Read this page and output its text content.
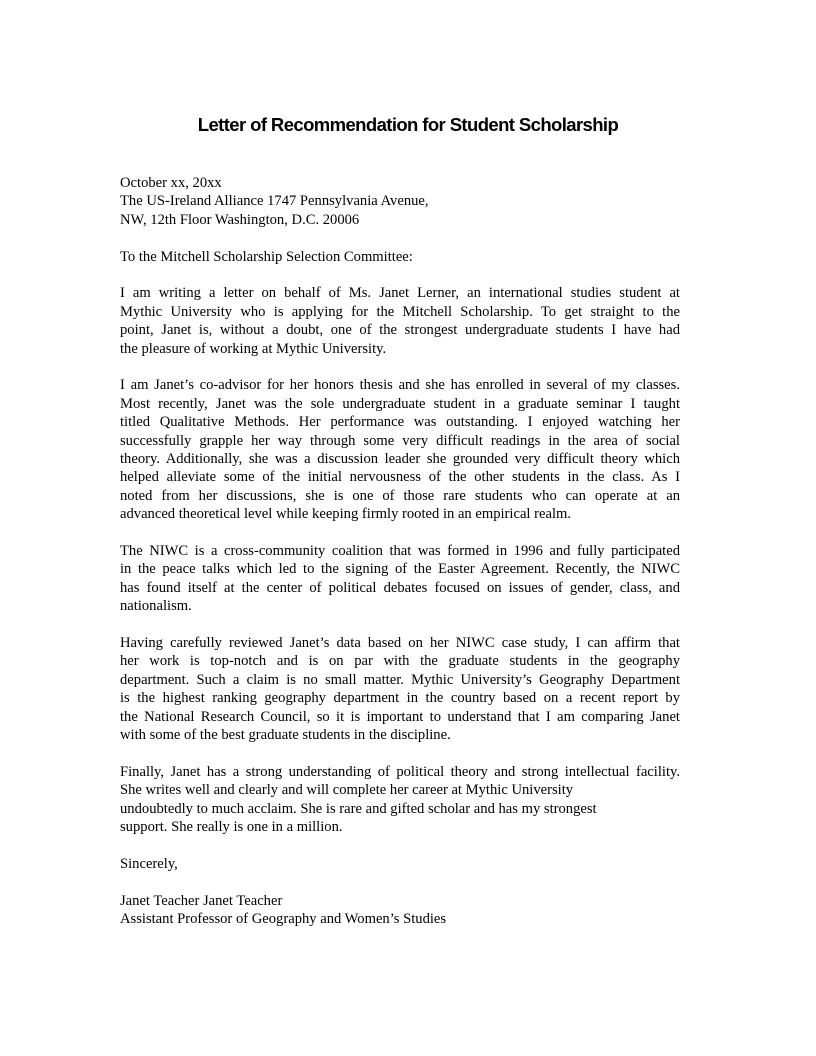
Letter of Recommendation for Student Scholarship
October xx, 20xx
The US-Ireland Alliance 1747 Pennsylvania Avenue,
NW, 12th Floor Washington, D.C. 20006
To the Mitchell Scholarship Selection Committee:
I am writing a letter on behalf of Ms. Janet Lerner, an international studies student at
Mythic University who is applying for the Mitchell Scholarship. To get straight to the
point, Janet is, without a doubt, one of the strongest undergraduate students I have had
the pleasure of working at Mythic University.
I am Janet’s co-advisor for her honors thesis and she has enrolled in several of my classes.
Most recently, Janet was the sole undergraduate student in a graduate seminar I taught
titled Qualitative Methods. Her performance was outstanding. I enjoyed watching her
successfully grapple her way through some very difficult readings in the area of social
theory. Additionally, she was a discussion leader she grounded very difficult theory which
helped alleviate some of the initial nervousness of the other students in the class. As I
noted from her discussions, she is one of those rare students who can operate at an
advanced theoretical level while keeping firmly rooted in an empirical realm.
The NIWC is a cross-community coalition that was formed in 1996 and fully participated
in the peace talks which led to the signing of the Easter Agreement. Recently, the NIWC
has found itself at the center of political debates focused on issues of gender, class, and
nationalism.
Having carefully reviewed Janet’s data based on her NIWC case study, I can affirm that
her work is top-notch and is on par with the graduate students in the geography
department. Such a claim is no small matter. Mythic University’s Geography Department
is the highest ranking geography department in the country based on a recent report by
the National Research Council, so it is important to understand that I am comparing Janet
with some of the best graduate students in the discipline.
Finally, Janet has a strong understanding of political theory and strong intellectual facility.
She writes well and clearly and will complete her career at Mythic University
undoubtedly to much acclaim. She is rare and gifted scholar and has my strongest
support. She really is one in a million.
Sincerely,
Janet Teacher Janet Teacher
Assistant Professor of Geography and Women’s Studies
